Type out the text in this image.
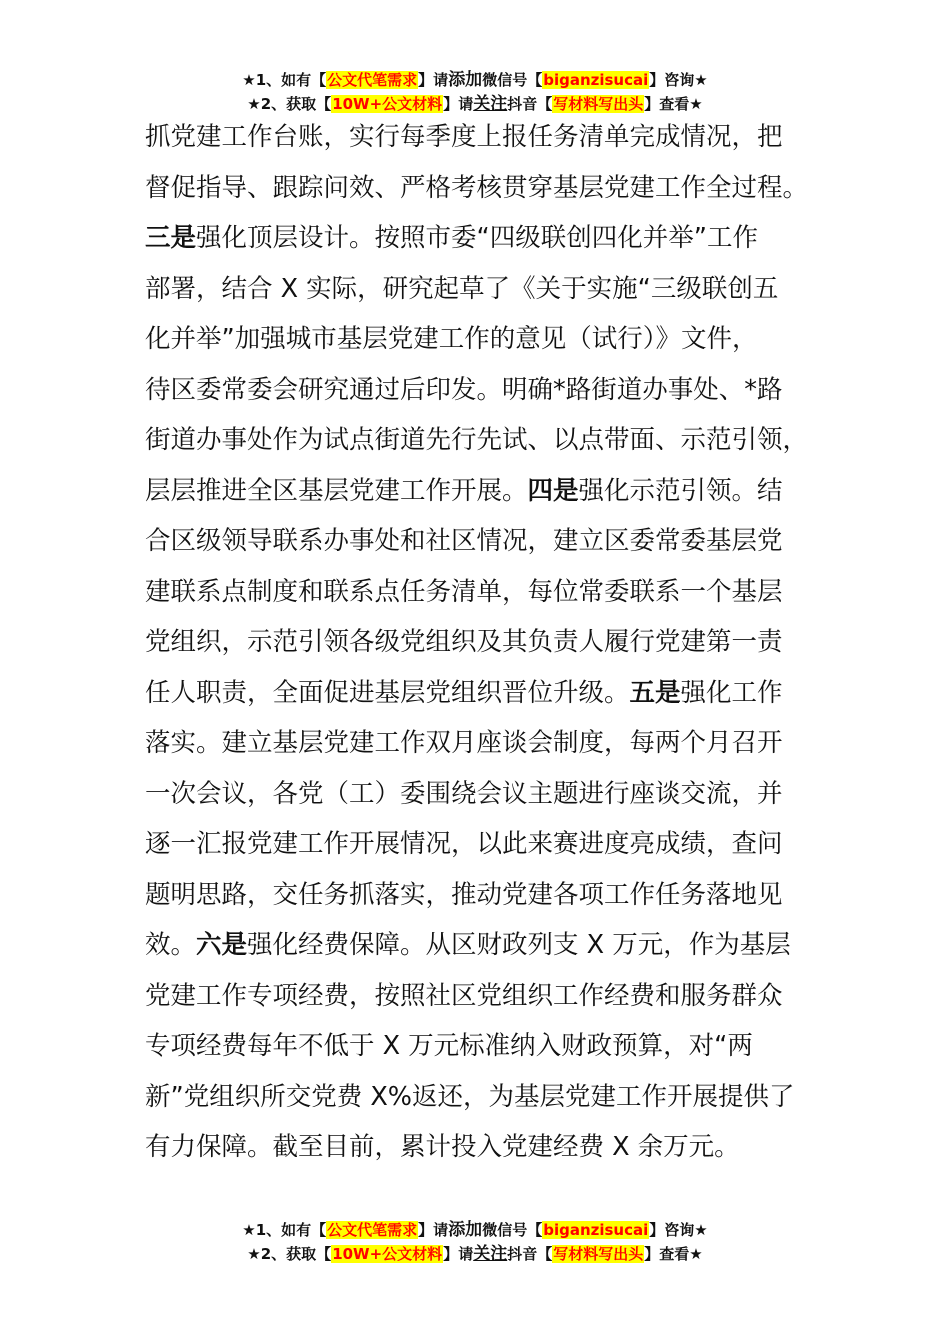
★1、如有【公文代笔需求】请添加微信号【biganzisucai】咨询★
★2、获取【10W+公文材料】请关注抖音【写材料写出头】查看★
抓党建工作台账，实行每季度上报任务清单完成情况，把
督促指导、跟踪问效、严格考核贯穿基层党建工作全过程。
三是强化顶层设计。按照市委“四级联创四化并举”工作
部署，结合 X 实际，研究起草了《关于实施“三级联创五
化并举”加强城市基层党建工作的意见（试行）》文件，
待区委常委会研究通过后印发。明确*路街道办事处、*路
街道办事处作为试点街道先行先试、以点带面、示范引领，
层层推进全区基层党建工作开展。四是强化示范引领。结
合区级领导联系办事处和社区情况，建立区委常委基层党
建联系点制度和联系点任务清单，每位常委联系一个基层
党组织，示范引领各级党组织及其负责人履行党建第一责
任人职责，全面促进基层党组织晋位升级。五是强化工作
落实。建立基层党建工作双月座谈会制度，每两个月召开
一次会议，各党（工）委围绕会议主题进行座谈交流，并
逐一汇报党建工作开展情况，以此来赛进度亮成绩，查问
题明思路，交任务抓落实，推动党建各项工作任务落地见
效。六是强化经费保障。从区财政列支 X 万元，作为基层
党建工作专项经费，按照社区党组织工作经费和服务群众
专项经费每年不低于 X 万元标准纳入财政预算，对“两
新”党组织所交党费 X%返还，为基层党建工作开展提供了
有力保障。截至目前，累计投入党建经费 X 余万元。
★1、如有【公文代笔需求】请添加微信号【biganzisucai】咨询★
★2、获取【10W+公文材料】请关注抖音【写材料写出头】查看★
